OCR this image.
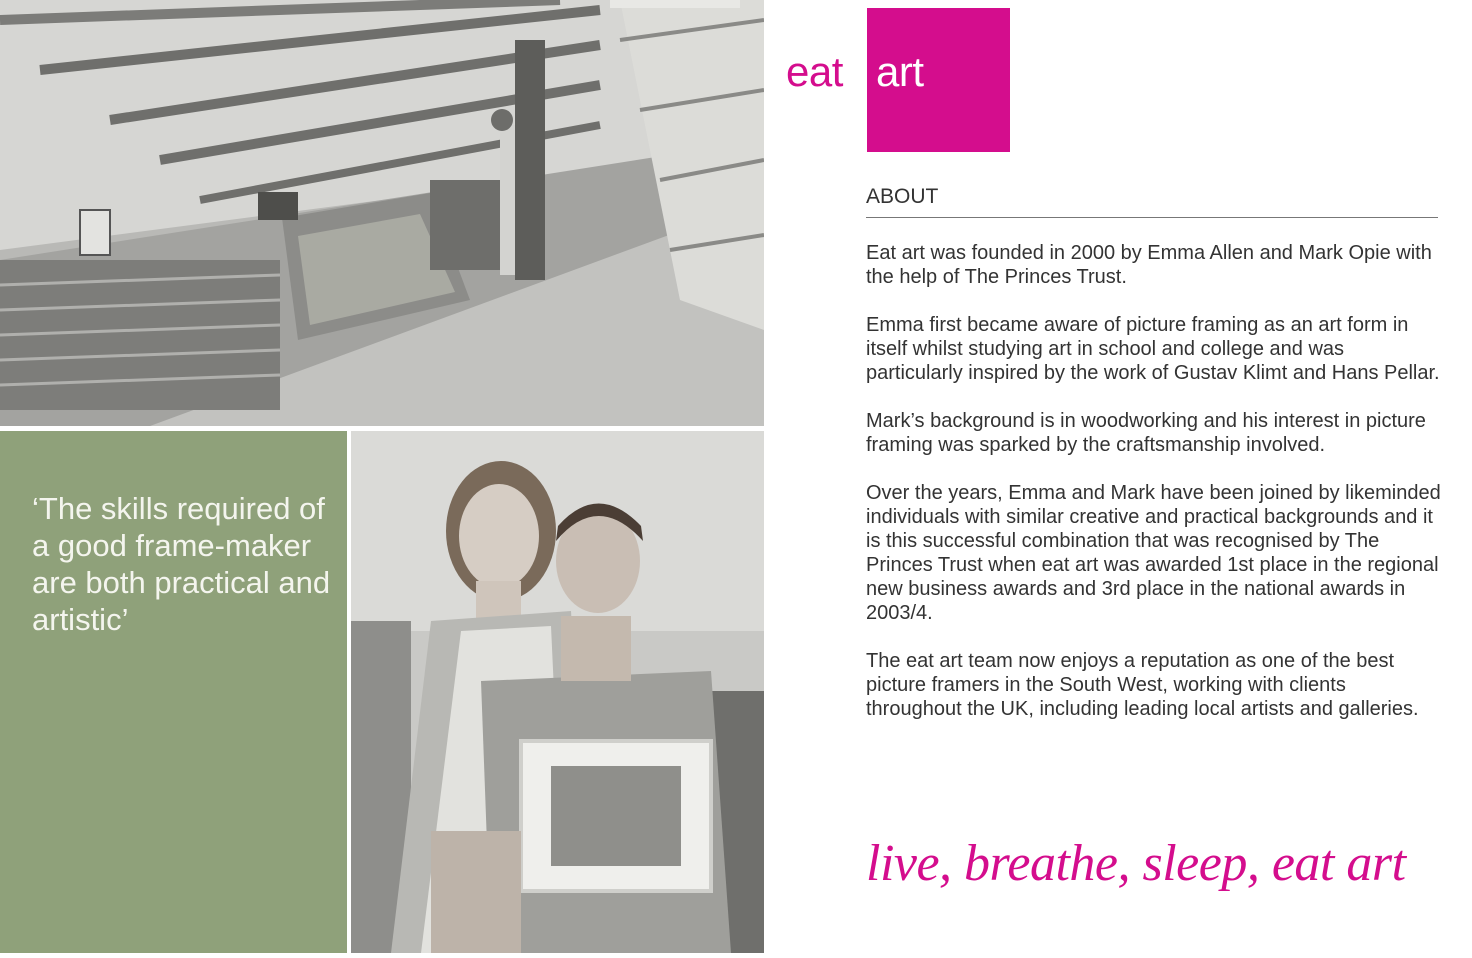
‘The skills required of a good frame-maker are both practical and artistic’
eat art
ABOUT

Eat art was founded in 2000 by Emma Allen and Mark Opie with the help of The Princes Trust.

Emma first became aware of picture framing as an art form in itself whilst studying art in school and college and was particularly inspired by the work of Gustav Klimt and Hans Pellar.

Mark’s background is in woodworking and his interest in picture framing was sparked by the craftsmanship involved.

Over the years, Emma and Mark have been joined by likeminded individuals with similar creative and practical backgrounds and it is this successful combination that was recognised by The Princes Trust when eat art was awarded 1st place in the regional new business awards and 3rd place in the national awards in 2003/4.

The eat art team now enjoys a reputation as one of the best picture framers in the South West, working with clients throughout the UK, including leading local artists and galleries.

live, breathe, sleep, eat art
